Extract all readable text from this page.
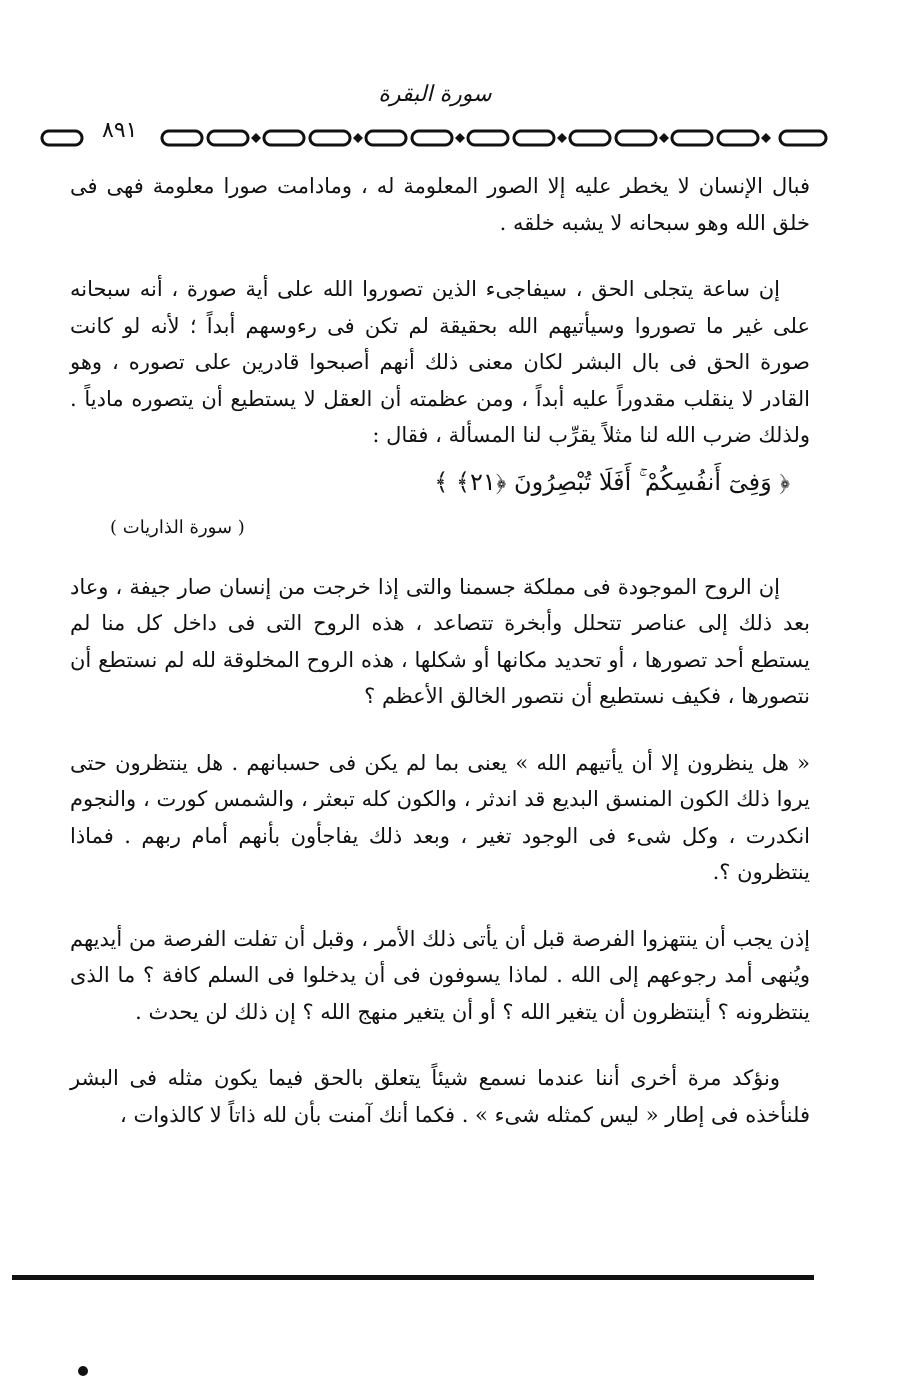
سورة البقرة
٨٩١

فبال الإنسان لا يخطر عليه إلا الصور المعلومة له ، ومادامت صورا معلومة فهى فى خلق الله وهو سبحانه لا يشبه خلقه .

إن ساعة يتجلى الحق ، سيفاجىء الذين تصوروا الله على أية صورة ، أنه سبحانه على غير ما تصوروا وسيأتيهم الله بحقيقة لم تكن فى رءوسهم أبداً ؛ لأنه لو كانت صورة الحق فى بال البشر لكان معنى ذلك أنهم أصبحوا قادرين على تصوره ، وهو القادر لا ينقلب مقدوراً عليه أبداً ، ومن عظمته أن العقل لا يستطيع أن يتصوره مادياً . ولذلك ضرب الله لنا مثلاً يقرِّب لنا المسألة ، فقال :

﴿ وَفِىٓ أَنفُسِكُمْ ۚ أَفَلَا تُبْصِرُونَ ﴿٢١﴾ ﴾
( سورة الذاريات )

إن الروح الموجودة فى مملكة جسمنا والتى إذا خرجت من إنسان صار جيفة ، وعاد بعد ذلك إلى عناصر تتحلل وأبخرة تتصاعد ، هذه الروح التى فى داخل كل منا لم يستطع أحد تصورها ، أو تحديد مكانها أو شكلها ، هذه الروح المخلوقة لله لم نستطع أن نتصورها ، فكيف نستطيع أن نتصور الخالق الأعظم ؟

« هل ينظرون إلا أن يأتيهم الله » يعنى بما لم يكن فى حسبانهم . هل ينتظرون حتى يروا ذلك الكون المنسق البديع قد اندثر ، والكون كله تبعثر ، والشمس كورت ، والنجوم انكدرت ، وكل شىء فى الوجود تغير ، وبعد ذلك يفاجأون بأنهم أمام ربهم . فماذا ينتظرون ؟.

إذن يجب أن ينتهزوا الفرصة قبل أن يأتى ذلك الأمر ، وقبل أن تفلت الفرصة من أيديهم ويُنهى أمد رجوعهم إلى الله . لماذا يسوفون فى أن يدخلوا فى السلم كافة ؟ ما الذى ينتظرونه ؟ أينتظرون أن يتغير الله ؟ أو أن يتغير منهج الله ؟ إن ذلك لن يحدث .

ونؤكد مرة أخرى أننا عندما نسمع شيئاً يتعلق بالحق فيما يكون مثله فى البشر فلنأخذه فى إطار « ليس كمثله شىء » . فكما أنك آمنت بأن لله ذاتاً لا كالذوات ،
